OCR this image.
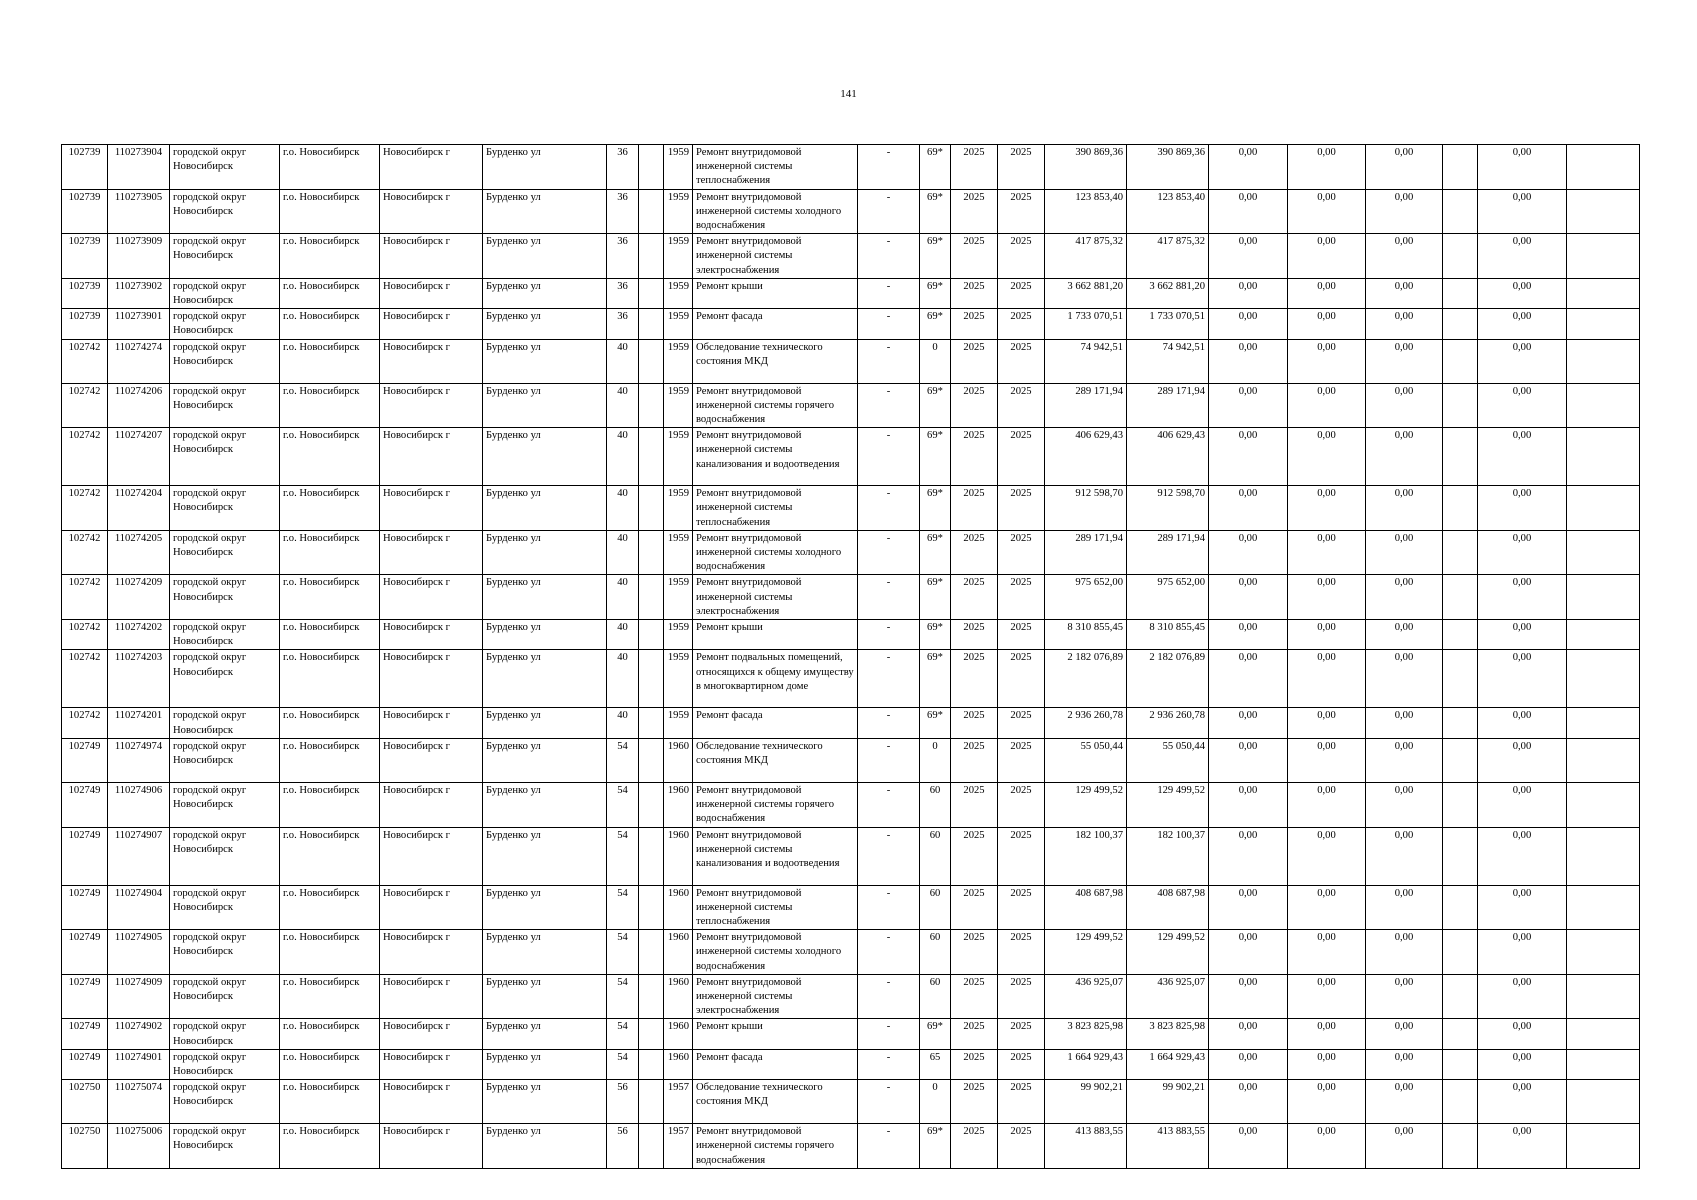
141
102739	110273904	городской округ Новосибирск	г.о. Новосибирск	Новосибирск г	Бурденко ул	36		1959	Ремонт внутридомовой инженерной системы теплоснабжения	-	69*	2025	2025	390 869,36	390 869,36	0,00	0,00	0,00		0,00	
102739	110273905	городской округ Новосибирск	г.о. Новосибирск	Новосибирск г	Бурденко ул	36		1959	Ремонт внутридомовой инженерной системы холодного водоснабжения	-	69*	2025	2025	123 853,40	123 853,40	0,00	0,00	0,00		0,00	
102739	110273909	городской округ Новосибирск	г.о. Новосибирск	Новосибирск г	Бурденко ул	36		1959	Ремонт внутридомовой инженерной системы электроснабжения	-	69*	2025	2025	417 875,32	417 875,32	0,00	0,00	0,00		0,00	
102739	110273902	городской округ Новосибирск	г.о. Новосибирск	Новосибирск г	Бурденко ул	36		1959	Ремонт крыши	-	69*	2025	2025	3 662 881,20	3 662 881,20	0,00	0,00	0,00		0,00	
102739	110273901	городской округ Новосибирск	г.о. Новосибирск	Новосибирск г	Бурденко ул	36		1959	Ремонт фасада	-	69*	2025	2025	1 733 070,51	1 733 070,51	0,00	0,00	0,00		0,00	
102742	110274274	городской округ Новосибирск	г.о. Новосибирск	Новосибирск г	Бурденко ул	40		1959	Обследование технического состояния МКД	-	0	2025	2025	74 942,51	74 942,51	0,00	0,00	0,00		0,00	
102742	110274206	городской округ Новосибирск	г.о. Новосибирск	Новосибирск г	Бурденко ул	40		1959	Ремонт внутридомовой инженерной системы горячего водоснабжения	-	69*	2025	2025	289 171,94	289 171,94	0,00	0,00	0,00		0,00	
102742	110274207	городской округ Новосибирск	г.о. Новосибирск	Новосибирск г	Бурденко ул	40		1959	Ремонт внутридомовой инженерной системы канализования и водоотведения	-	69*	2025	2025	406 629,43	406 629,43	0,00	0,00	0,00		0,00	
102742	110274204	городской округ Новосибирск	г.о. Новосибирск	Новосибирск г	Бурденко ул	40		1959	Ремонт внутридомовой инженерной системы теплоснабжения	-	69*	2025	2025	912 598,70	912 598,70	0,00	0,00	0,00		0,00	
102742	110274205	городской округ Новосибирск	г.о. Новосибирск	Новосибирск г	Бурденко ул	40		1959	Ремонт внутридомовой инженерной системы холодного водоснабжения	-	69*	2025	2025	289 171,94	289 171,94	0,00	0,00	0,00		0,00	
102742	110274209	городской округ Новосибирск	г.о. Новосибирск	Новосибирск г	Бурденко ул	40		1959	Ремонт внутридомовой инженерной системы электроснабжения	-	69*	2025	2025	975 652,00	975 652,00	0,00	0,00	0,00		0,00	
102742	110274202	городской округ Новосибирск	г.о. Новосибирск	Новосибирск г	Бурденко ул	40		1959	Ремонт крыши	-	69*	2025	2025	8 310 855,45	8 310 855,45	0,00	0,00	0,00		0,00	
102742	110274203	городской округ Новосибирск	г.о. Новосибирск	Новосибирск г	Бурденко ул	40		1959	Ремонт подвальных помещений, относящихся к общему имуществу в многоквартирном доме	-	69*	2025	2025	2 182 076,89	2 182 076,89	0,00	0,00	0,00		0,00	
102742	110274201	городской округ Новосибирск	г.о. Новосибирск	Новосибирск г	Бурденко ул	40		1959	Ремонт фасада	-	69*	2025	2025	2 936 260,78	2 936 260,78	0,00	0,00	0,00		0,00	
102749	110274974	городской округ Новосибирск	г.о. Новосибирск	Новосибирск г	Бурденко ул	54		1960	Обследование технического состояния МКД	-	0	2025	2025	55 050,44	55 050,44	0,00	0,00	0,00		0,00	
102749	110274906	городской округ Новосибирск	г.о. Новосибирск	Новосибирск г	Бурденко ул	54		1960	Ремонт внутридомовой инженерной системы горячего водоснабжения	-	60	2025	2025	129 499,52	129 499,52	0,00	0,00	0,00		0,00	
102749	110274907	городской округ Новосибирск	г.о. Новосибирск	Новосибирск г	Бурденко ул	54		1960	Ремонт внутридомовой инженерной системы канализования и водоотведения	-	60	2025	2025	182 100,37	182 100,37	0,00	0,00	0,00		0,00	
102749	110274904	городской округ Новосибирск	г.о. Новосибирск	Новосибирск г	Бурденко ул	54		1960	Ремонт внутридомовой инженерной системы теплоснабжения	-	60	2025	2025	408 687,98	408 687,98	0,00	0,00	0,00		0,00	
102749	110274905	городской округ Новосибирск	г.о. Новосибирск	Новосибирск г	Бурденко ул	54		1960	Ремонт внутридомовой инженерной системы холодного водоснабжения	-	60	2025	2025	129 499,52	129 499,52	0,00	0,00	0,00		0,00	
102749	110274909	городской округ Новосибирск	г.о. Новосибирск	Новосибирск г	Бурденко ул	54		1960	Ремонт внутридомовой инженерной системы электроснабжения	-	60	2025	2025	436 925,07	436 925,07	0,00	0,00	0,00		0,00	
102749	110274902	городской округ Новосибирск	г.о. Новосибирск	Новосибирск г	Бурденко ул	54		1960	Ремонт крыши	-	69*	2025	2025	3 823 825,98	3 823 825,98	0,00	0,00	0,00		0,00	
102749	110274901	городской округ Новосибирск	г.о. Новосибирск	Новосибирск г	Бурденко ул	54		1960	Ремонт фасада	-	65	2025	2025	1 664 929,43	1 664 929,43	0,00	0,00	0,00		0,00	
102750	110275074	городской округ Новосибирск	г.о. Новосибирск	Новосибирск г	Бурденко ул	56		1957	Обследование технического состояния МКД	-	0	2025	2025	99 902,21	99 902,21	0,00	0,00	0,00		0,00	
102750	110275006	городской округ Новосибирск	г.о. Новосибирск	Новосибирск г	Бурденко ул	56		1957	Ремонт внутридомовой инженерной системы горячего водоснабжения	-	69*	2025	2025	413 883,55	413 883,55	0,00	0,00	0,00		0,00	
